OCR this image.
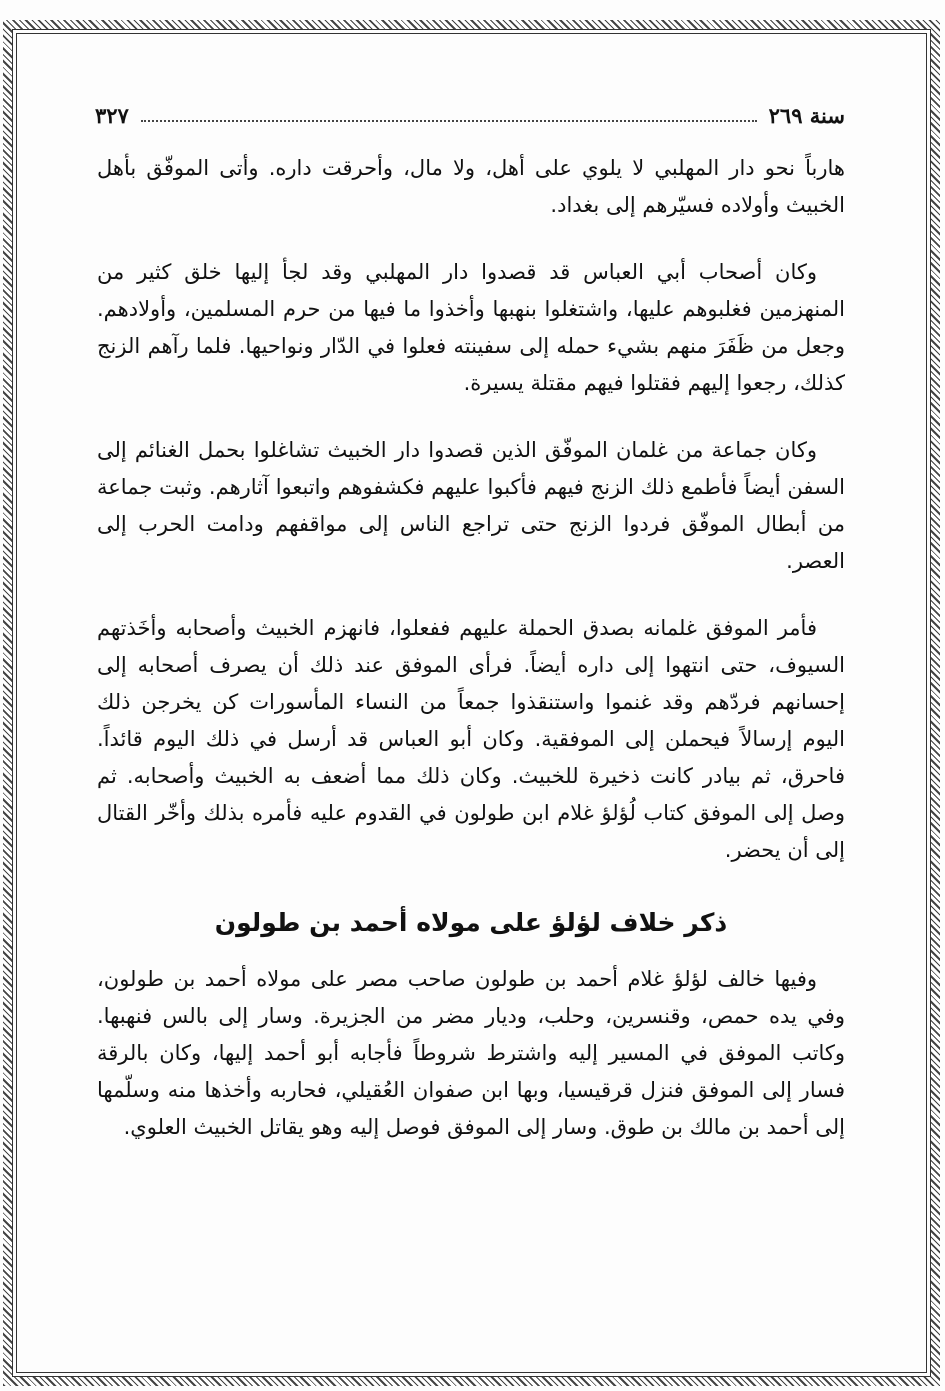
سنة ٢٦٩
٣٢٧

هارباً نحو دار المهلبي لا يلوي على أهل، ولا مال، وأحرقت داره. وأتى الموفّق بأهل الخبيث وأولاده فسيّرهم إلى بغداد.

وكان أصحاب أبي العباس قد قصدوا دار المهلبي وقد لجأ إليها خلق كثير من المنهزمين فغلبوهم عليها، واشتغلوا بنهبها وأخذوا ما فيها من حرم المسلمين، وأولادهم. وجعل من ظَفَرَ منهم بشيء حمله إلى سفينته فعلوا في الدّار ونواحيها. فلما رآهم الزنج كذلك، رجعوا إليهم فقتلوا فيهم مقتلة يسيرة.

وكان جماعة من غلمان الموفّق الذين قصدوا دار الخبيث تشاغلوا بحمل الغنائم إلى السفن أيضاً فأطمع ذلك الزنج فيهم فأكبوا عليهم فكشفوهم واتبعوا آثارهم. وثبت جماعة من أبطال الموفّق فردوا الزنج حتى تراجع الناس إلى مواقفهم ودامت الحرب إلى العصر.

فأمر الموفق غلمانه بصدق الحملة عليهم ففعلوا، فانهزم الخبيث وأصحابه وأخَذتهم السيوف، حتى انتهوا إلى داره أيضاً. فرأى الموفق عند ذلك أن يصرف أصحابه إلى إحسانهم فردّهم وقد غنموا واستنقذوا جمعاً من النساء المأسورات كن يخرجن ذلك اليوم إرسالاً فيحملن إلى الموفقية. وكان أبو العباس قد أرسل في ذلك اليوم قائداً. فاحرق، ثم بيادر كانت ذخيرة للخبيث. وكان ذلك مما أضعف به الخبيث وأصحابه. ثم وصل إلى الموفق كتاب لُؤلؤ غلام ابن طولون في القدوم عليه فأمره بذلك وأخّر القتال إلى أن يحضر.

ذكر خلاف لؤلؤ على مولاه أحمد بن طولون

وفيها خالف لؤلؤ غلام أحمد بن طولون صاحب مصر على مولاه أحمد بن طولون، وفي يده حمص، وقنسرين، وحلب، وديار مضر من الجزيرة. وسار إلى بالس فنهبها. وكاتب الموفق في المسير إليه واشترط شروطاً فأجابه أبو أحمد إليها، وكان بالرقة فسار إلى الموفق فنزل قرقيسيا، وبها ابن صفوان العُقيلي، فحاربه وأخذها منه وسلّمها إلى أحمد بن مالك بن طوق. وسار إلى الموفق فوصل إليه وهو يقاتل الخبيث العلوي.
